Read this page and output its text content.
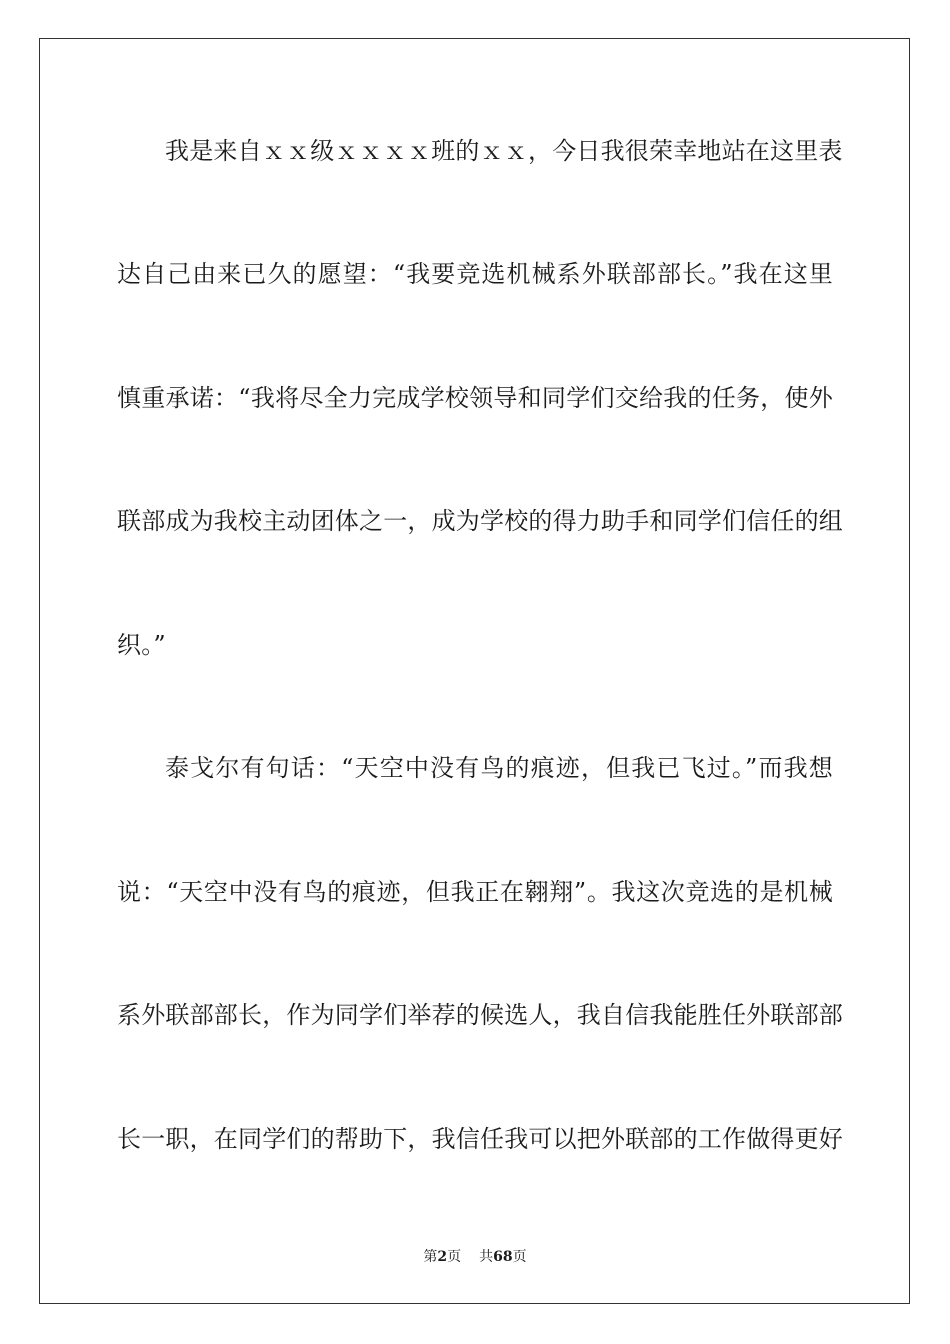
我是来自ｘｘ级ｘｘｘｘ班的ｘｘ，今日我很荣幸地站在这里表
达自己由来已久的愿望：“我要竞选机械系外联部部长。”我在这里
慎重承诺：“我将尽全力完成学校领导和同学们交给我的任务，使外
联部成为我校主动团体之一，成为学校的得力助手和同学们信任的组
织。”
泰戈尔有句话：“天空中没有鸟的痕迹，但我已飞过。”而我想
说：“天空中没有鸟的痕迹，但我正在翱翔”。我这次竞选的是机械
系外联部部长，作为同学们举荐的候选人，我自信我能胜任外联部部
长一职，在同学们的帮助下，我信任我可以把外联部的工作做得更好
第2页 共68页
